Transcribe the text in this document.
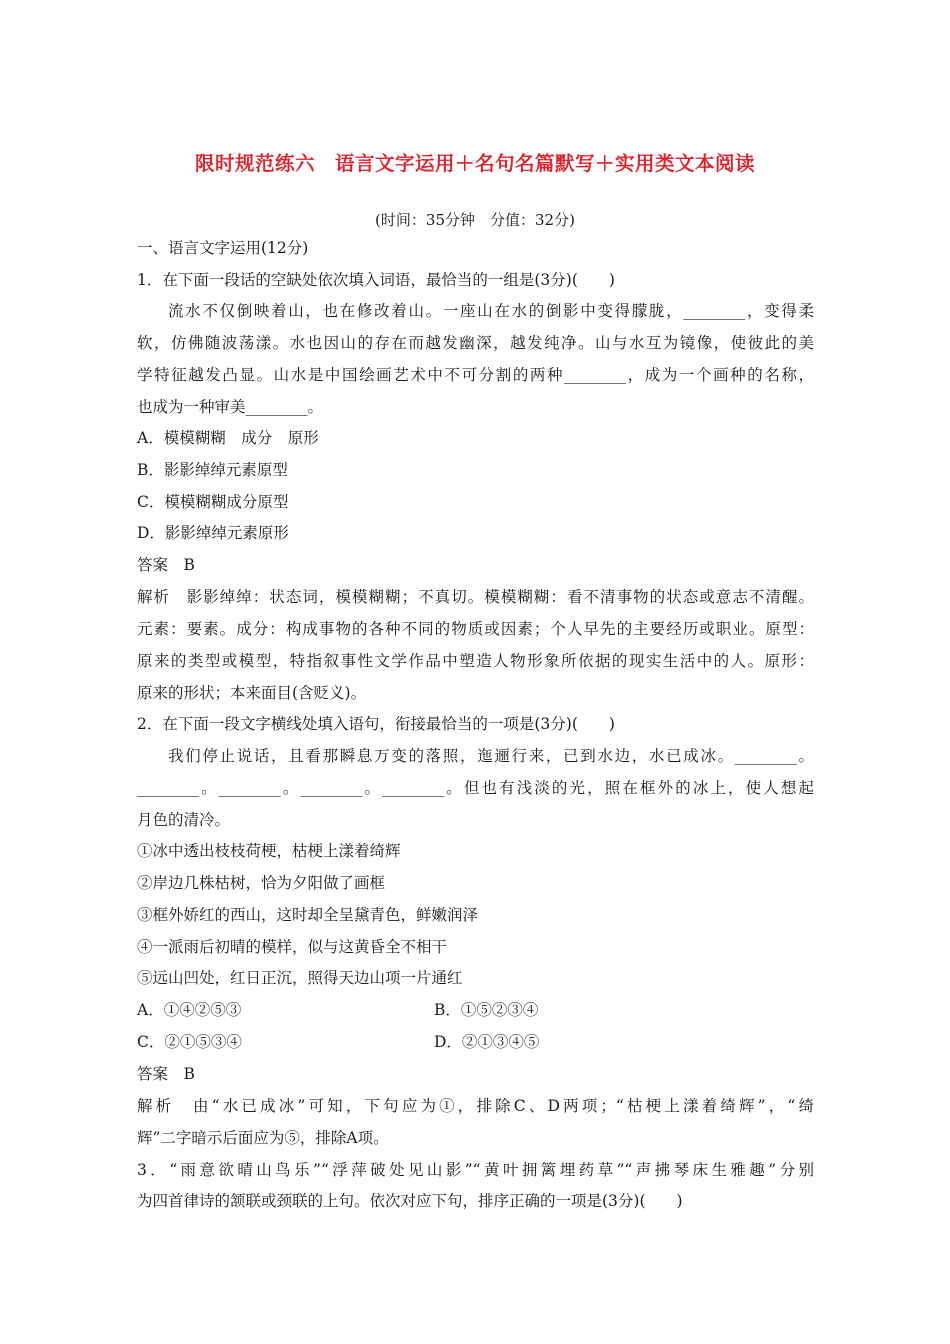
限时规范练六　语言文字运用＋名句名篇默写＋实用类文本阅读
(时间：35分钟　分值：32分)
一、语言文字运用(12分)
1．在下面一段话的空缺处依次填入词语，最恰当的一组是(3分)(　　)
流水不仅倒映着山，也在修改着山。一座山在水的倒影中变得朦胧，________，变得柔
软，仿佛随波荡漾。水也因山的存在而越发幽深，越发纯净。山与水互为镜像，使彼此的美
学特征越发凸显。山水是中国绘画艺术中不可分割的两种________，成为一个画种的名称，
也成为一种审美________。
A．模模糊糊　成分　原形
B．影影绰绰元素原型
C．模模糊糊成分原型
D．影影绰绰元素原形
答案　B
解析　影影绰绰：状态词，模模糊糊；不真切。模模糊糊：看不清事物的状态或意志不清醒。
元素：要素。成分：构成事物的各种不同的物质或因素；个人早先的主要经历或职业。原型：
原来的类型或模型，特指叙事性文学作品中塑造人物形象所依据的现实生活中的人。原形：
原来的形状；本来面目(含贬义)。
2．在下面一段文字横线处填入语句，衔接最恰当的一项是(3分)(　　)
我们停止说话，且看那瞬息万变的落照，迤逦行来，已到水边，水已成冰。________。
________。________。________。________。但也有浅淡的光，照在框外的冰上，使人想起
月色的清冷。
①冰中透出枝枝荷梗，枯梗上漾着绮辉
②岸边几株枯树，恰为夕阳做了画框
③框外娇红的西山，这时却全呈黛青色，鲜嫩润泽
④一派雨后初晴的模样，似与这黄昏全不相干
⑤远山凹处，红日正沉，照得天边山项一片通红
A．①④②⑤③	B．①⑤②③④
C．②①⑤③④	D．②①③④⑤
答案　B
解析　由“水已成冰”可知，下句应为①，排除C、D两项；“枯梗上漾着绮辉”，“绮
辉”二字暗示后面应为⑤，排除A项。
3．“雨意欲晴山鸟乐”“浮萍破处见山影”“黄叶拥篱埋药草”“声拂琴床生雅趣”分别
为四首律诗的颔联或颈联的上句。依次对应下句，排序正确的一项是(3分)(　　)
